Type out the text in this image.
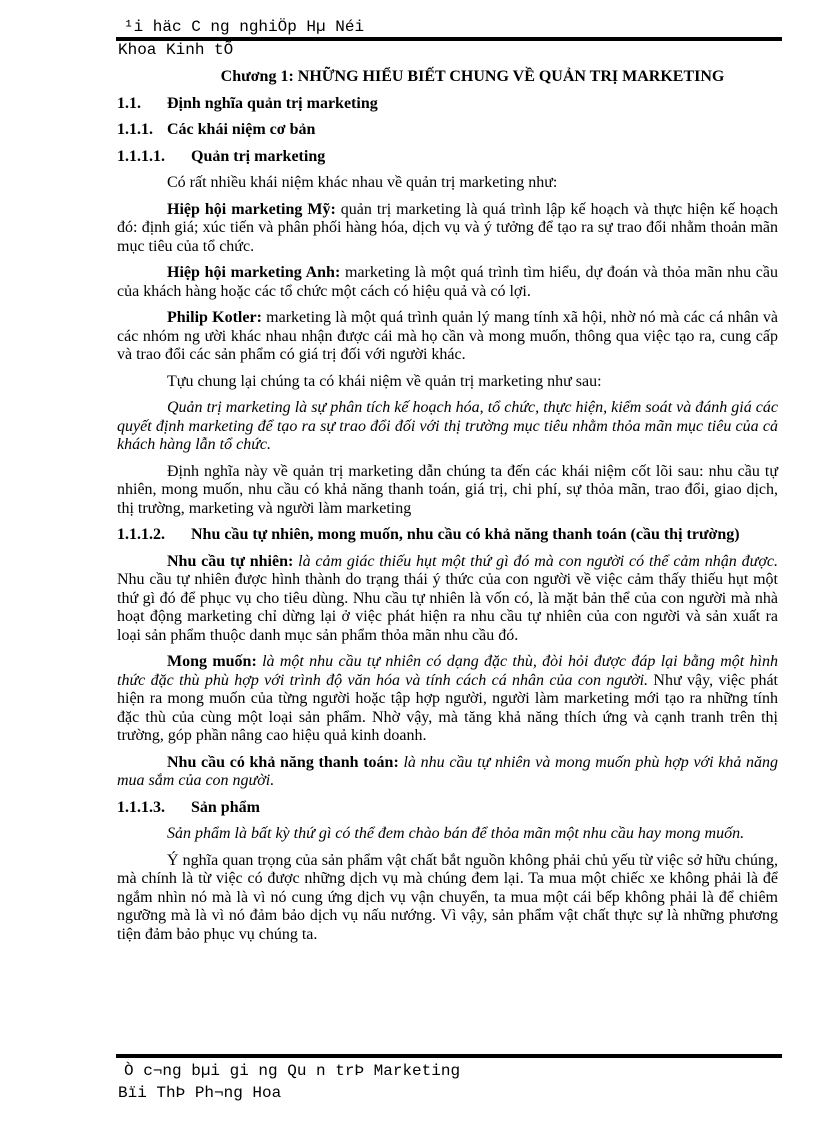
¹i häc C ng nghiÖp Hµ Néi
Khoa Kinh tÕ
Chương 1: NHỮNG HIỂU BIẾT CHUNG VỀ QUẢN TRỊ MARKETING
1.1.	Định nghĩa quản trị marketing
1.1.1. Các khái niệm cơ bản
1.1.1.1.	Quản trị marketing

Có rất nhiều khái niệm khác nhau về quản trị marketing như:

Hiệp hội marketing Mỹ: quản trị marketing là quá trình lập kế hoạch và thực hiện kế hoạch đó: định giá; xúc tiến và phân phối hàng hóa, dịch vụ và ý tưởng để tạo ra sự trao đổi nhằm thoản mãn mục tiêu của tổ chức.

Hiệp hội marketing Anh: marketing là một quá trình tìm hiểu, dự đoán và thỏa mãn nhu cầu của khách hàng hoặc các tổ chức một cách có hiệu quả và có lợi.

Philip Kotler: marketing là một quá trình quản lý mang tính xã hội, nhờ nó mà các cá nhân và các nhóm ng ười khác nhau nhận được cái mà họ cần và mong muốn, thông qua việc tạo ra, cung cấp và trao đổi các sản phẩm có giá trị đối với người khác.

Tựu chung lại chúng ta có khái niệm về quản trị marketing như sau:

Quản trị marketing là sự phân tích kế hoạch hóa, tổ chức, thực hiện, kiểm soát và đánh giá các quyết định marketing để tạo ra sự trao đổi đối với thị trường mục tiêu nhằm thỏa mãn mục tiêu của cả khách hàng lẫn tổ chức.

Định nghĩa này về quản trị marketing dẫn chúng ta đến các khái niệm cốt lõi sau: nhu cầu tự nhiên, mong muốn, nhu cầu có khả năng thanh toán, giá trị, chi phí, sự thỏa mãn, trao đổi, giao dịch, thị trường, marketing và người làm marketing

1.1.1.2.	Nhu cầu tự nhiên, mong muốn, nhu cầu có khả năng thanh toán (cầu thị trường)

Nhu cầu tự nhiên: là cảm giác thiếu hụt một thứ gì đó mà con người có thể cảm nhận được. Nhu cầu tự nhiên được hình thành do trạng thái ý thức của con người về việc cảm thấy thiếu hụt một thứ gì đó để phục vụ cho tiêu dùng. Nhu cầu tự nhiên là vốn có, là mặt bản thể của con người mà nhà hoạt động marketing chỉ dừng lại ở việc phát hiện ra nhu cầu tự nhiên của con người và sản xuất ra loại sản phẩm thuộc danh mục sản phẩm thỏa mãn nhu cầu đó.

Mong muốn: là một nhu cầu tự nhiên có dạng đặc thù, đòi hỏi được đáp lại bằng một hình thức đặc thù phù hợp với trình độ văn hóa và tính cách cá nhân của con người. Như vậy, việc phát hiện ra mong muốn của từng người hoặc tập hợp người, người làm marketing mới tạo ra những tính đặc thù của cùng một loại sản phẩm. Nhờ vậy, mà tăng khả năng thích ứng và cạnh tranh trên thị trường, góp phần nâng cao hiệu quả kinh doanh.

Nhu cầu có khả năng thanh toán: là nhu cầu tự nhiên và mong muốn phù hợp với khả năng mua sắm của con người.

1.1.1.3.	Sản phẩm

Sản phẩm là bất kỳ thứ gì có thể đem chào bán để thỏa mãn một nhu cầu hay mong muốn.

Ý nghĩa quan trọng của sản phẩm vật chất bắt nguồn không phải chủ yếu từ việc sở hữu chúng, mà chính là từ việc có được những dịch vụ mà chúng đem lại. Ta mua một chiếc xe không phải là để ngắm nhìn nó mà là vì nó cung ứng dịch vụ vận chuyển, ta mua một cái bếp không phải là để chiêm ngưỡng mà là vì nó đảm bảo dịch vụ nấu nướng. Vì vậy, sản phẩm vật chất thực sự là những phương tiện đảm bảo phục vụ chúng ta.

Ò c¬ng bµi gi ng Qu n trÞ Marketing
Bïi ThÞ Ph¬ng Hoa
